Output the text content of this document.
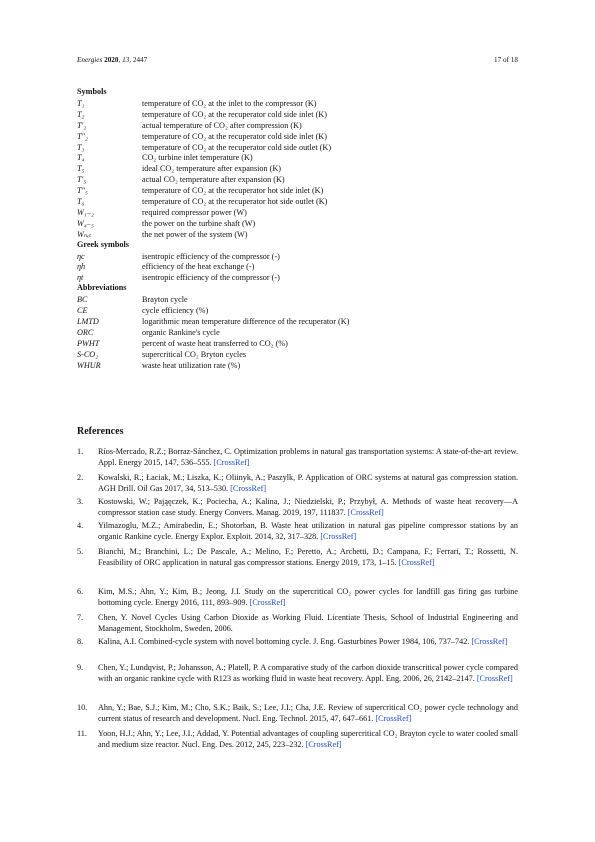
Energies 2020, 13, 2447	17 of 18
Symbols
T₁	temperature of CO₂ at the inlet to the compressor (K)
T₂	temperature of CO₂ at the recuperator cold side inlet (K)
T′₂	actual temperature of CO₂ after compression (K)
T″₂	temperature of CO₂ at the recuperator cold side inlet (K)
T₃	temperature of CO₂ at the recuperator cold side outlet (K)
T₄	CO₂ turbine inlet temperature (K)
T₅	ideal CO₂ temperature after expansion (K)
T′₅	actual CO₂ temperature after expansion (K)
T″₅	temperature of CO₂ at the recuperator hot side inlet (K)
T₆	temperature of CO₂ at the recuperator hot side outlet (K)
W₁₋₂	required compressor power (W)
W₄₋₅	the power on the turbine shaft (W)
Wₙₑₜ	the net power of the system (W)
Greek symbols
ηc	isentropic efficiency of the compressor (-)
ηh	efficiency of the heat exchange (-)
ηt	isentropic efficiency of the compressor (-)
Abbreviations
BC	Brayton cycle
CE	cycle efficiency (%)
LMTD	logarithmic mean temperature difference of the recuperator (K)
ORC	organic Rankine's cycle
PWHT	percent of waste heat transferred to CO₂ (%)
S-CO₂	supercritical CO₂ Bryton cycles
WHUR	waste heat utilization rate (%)
References
1. Ríos-Mercado, R.Z.; Borraz-Sánchez, C. Optimization problems in natural gas transportation systems: A state-of-the-art review. Appl. Energy 2015, 147, 536–555. [CrossRef]
2. Kowalski, R.; Łaciak, M.; Liszka, K.; Oliinyk, A.; Paszylk, P. Application of ORC systems at natural gas compression station. AGH Drill. Oil Gas 2017, 34, 513–530. [CrossRef]
3. Kostowski, W.; Pająęczek, K.; Pociecha, A.; Kalina, J.; Niedzielski, P.; Przybył, A. Methods of waste heat recovery—A compressor station case study. Energy Convers. Manag. 2019, 197, 111837. [CrossRef]
4. Yilmazoglu, M.Z.; Amirabedin, E.; Shotorban, B. Waste heat utilization in natural gas pipeline compressor stations by an organic Rankine cycle. Energy Explor. Exploit. 2014, 32, 317–328. [CrossRef]
5. Bianchi, M.; Branchini, L.; De Pascale, A.; Melino, F.; Peretto, A.; Archetti, D.; Campana, F.; Ferrari, T.; Rossetti, N. Feasibility of ORC application in natural gas compressor stations. Energy 2019, 173, 1–15. [CrossRef]
6. Kim, M.S.; Ahn, Y.; Kim, B.; Jeong, J.I. Study on the supercritical CO₂ power cycles for landfill gas firing gas turbine bottoming cycle. Energy 2016, 111, 893–909. [CrossRef]
7. Chen, Y. Novel Cycles Using Carbon Dioxide as Working Fluid. Licentiate Thesis, School of Industrial Engineering and Management, Stockholm, Sweden, 2006.
8. Kalina, A.I. Combined-cycle system with novel bottoming cycle. J. Eng. Gasturbines Power 1984, 106, 737–742. [CrossRef]
9. Chen, Y.; Lundqvist, P.; Johansson, A.; Platell, P. A comparative study of the carbon dioxide transcritical power cycle compared with an organic rankine cycle with R123 as working fluid in waste heat recovery. Appl. Eng. 2006, 26, 2142–2147. [CrossRef]
10. Ahn, Y.; Bae, S.J.; Kim, M.; Cho, S.K.; Baik, S.; Lee, J.I.; Cha, J.E. Review of supercritical CO₂ power cycle technology and current status of research and development. Nucl. Eng. Technol. 2015, 47, 647–661. [CrossRef]
11. Yoon, H.J.; Ahn, Y.; Lee, J.I.; Addad, Y. Potential advantages of coupling supercritical CO₂ Brayton cycle to water cooled small and medium size reactor. Nucl. Eng. Des. 2012, 245, 223–232. [CrossRef]
